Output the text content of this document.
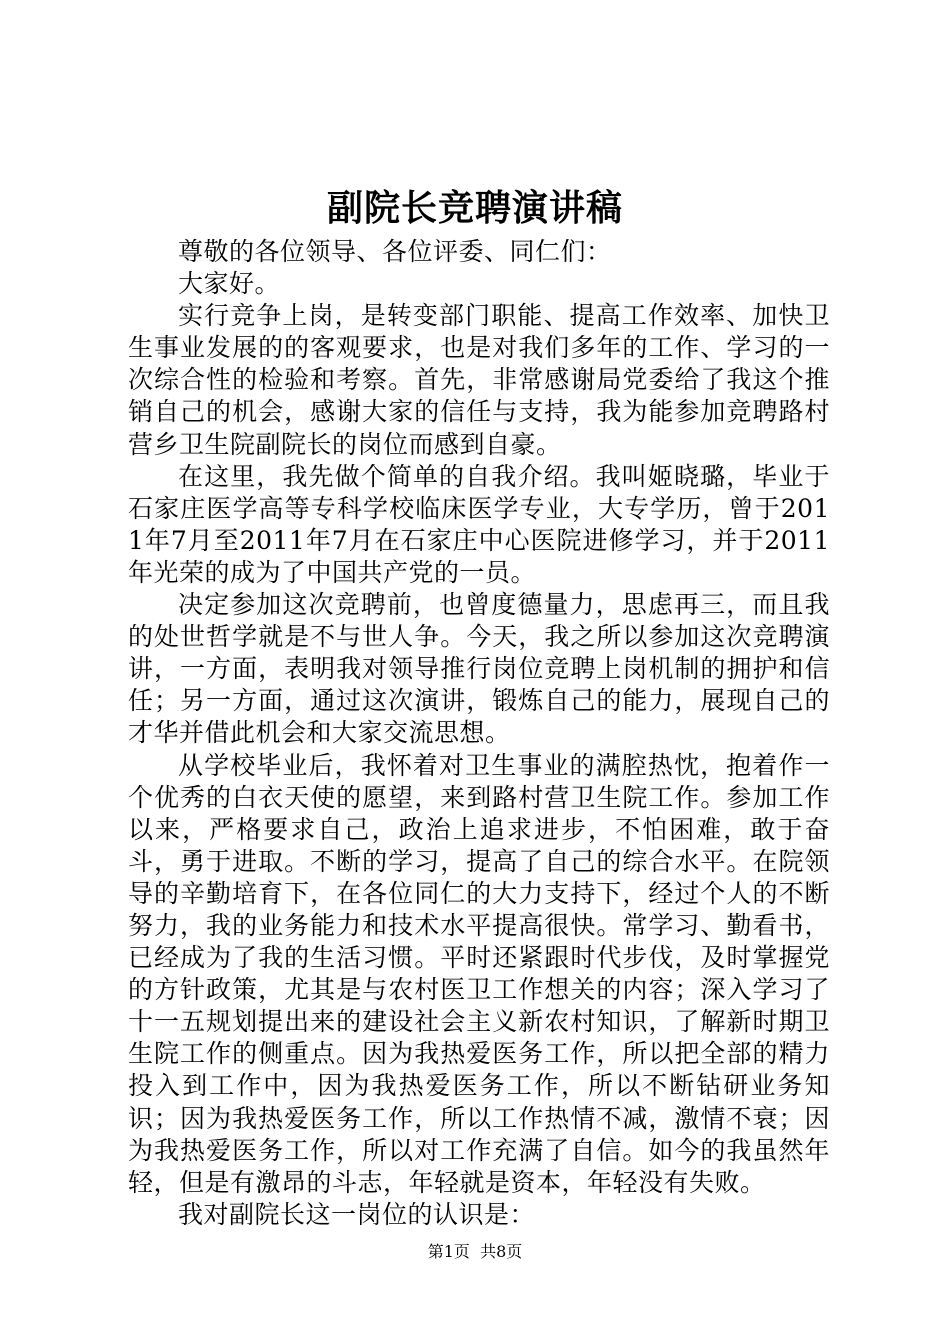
副院长竞聘演讲稿

尊敬的各位领导、各位评委、同仁们：

大家好。

实行竞争上岗，是转变部门职能、提高工作效率、加快卫生事业发展的的客观要求，也是对我们多年的工作、学习的一次综合性的检验和考察。首先，非常感谢局党委给了我这个推销自己的机会，感谢大家的信任与支持，我为能参加竞聘路村营乡卫生院副院长的岗位而感到自豪。

在这里，我先做个简单的自我介绍。我叫姬晓璐，毕业于石家庄医学高等专科学校临床医学专业，大专学历，曾于2011年7月至2011年7月在石家庄中心医院进修学习，并于2011年光荣的成为了中国共产党的一员。

决定参加这次竞聘前，也曾度德量力，思虑再三，而且我的处世哲学就是不与世人争。今天，我之所以参加这次竞聘演讲，一方面，表明我对领导推行岗位竞聘上岗机制的拥护和信任；另一方面，通过这次演讲，锻炼自己的能力，展现自己的才华并借此机会和大家交流思想。

从学校毕业后，我怀着对卫生事业的满腔热忱，抱着作一个优秀的白衣天使的愿望，来到路村营卫生院工作。参加工作以来，严格要求自己，政治上追求进步，不怕困难，敢于奋斗，勇于进取。不断的学习，提高了自己的综合水平。在院领导的辛勤培育下，在各位同仁的大力支持下，经过个人的不断努力，我的业务能力和技术水平提高很快。常学习、勤看书，已经成为了我的生活习惯。平时还紧跟时代步伐，及时掌握党的方针政策，尤其是与农村医卫工作想关的内容；深入学习了十一五规划提出来的建设社会主义新农村知识，了解新时期卫生院工作的侧重点。因为我热爱医务工作，所以把全部的精力投入到工作中，因为我热爱医务工作，所以不断钻研业务知识；因为我热爱医务工作，所以工作热情不减，激情不衰；因为我热爱医务工作，所以对工作充满了自信。如今的我虽然年轻，但是有激昂的斗志，年轻就是资本，年轻没有失败。

我对副院长这一岗位的认识是：

第1页 共8页
